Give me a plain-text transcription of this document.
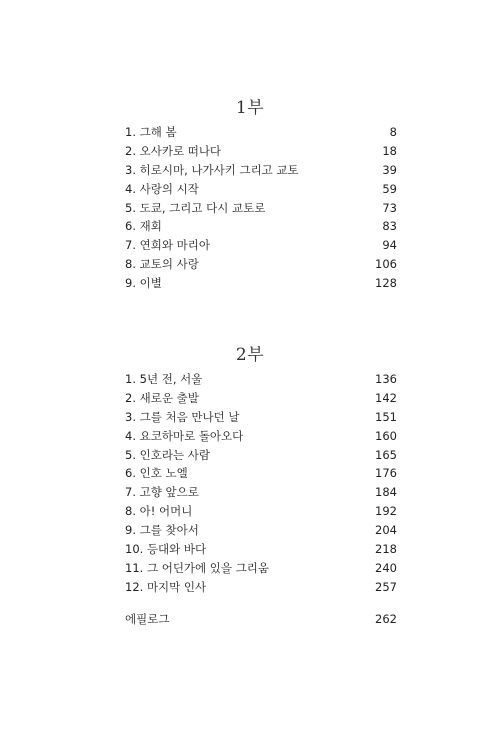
1부
1. 그해 봄	8
2. 오사카로 떠나다	18
3. 히로시마, 나가사키 그리고 교토	39
4. 사랑의 시작	59
5. 도쿄, 그리고 다시 교토로	73
6. 재회	83
7. 연희와 마리아	94
8. 교토의 사랑	106
9. 이별	128
2부
1. 5년 전, 서울	136
2. 새로운 출발	142
3. 그를 처음 만나던 날	151
4. 요코하마로 돌아오다	160
5. 인호라는 사람	165
6. 인호 노엘	176
7. 고향 앞으로	184
8. 아! 어머니	192
9. 그를 찾아서	204
10. 등대와 바다	218
11. 그 어딘가에 있을 그리움	240
12. 마지막 인사	257
에필로그	262
